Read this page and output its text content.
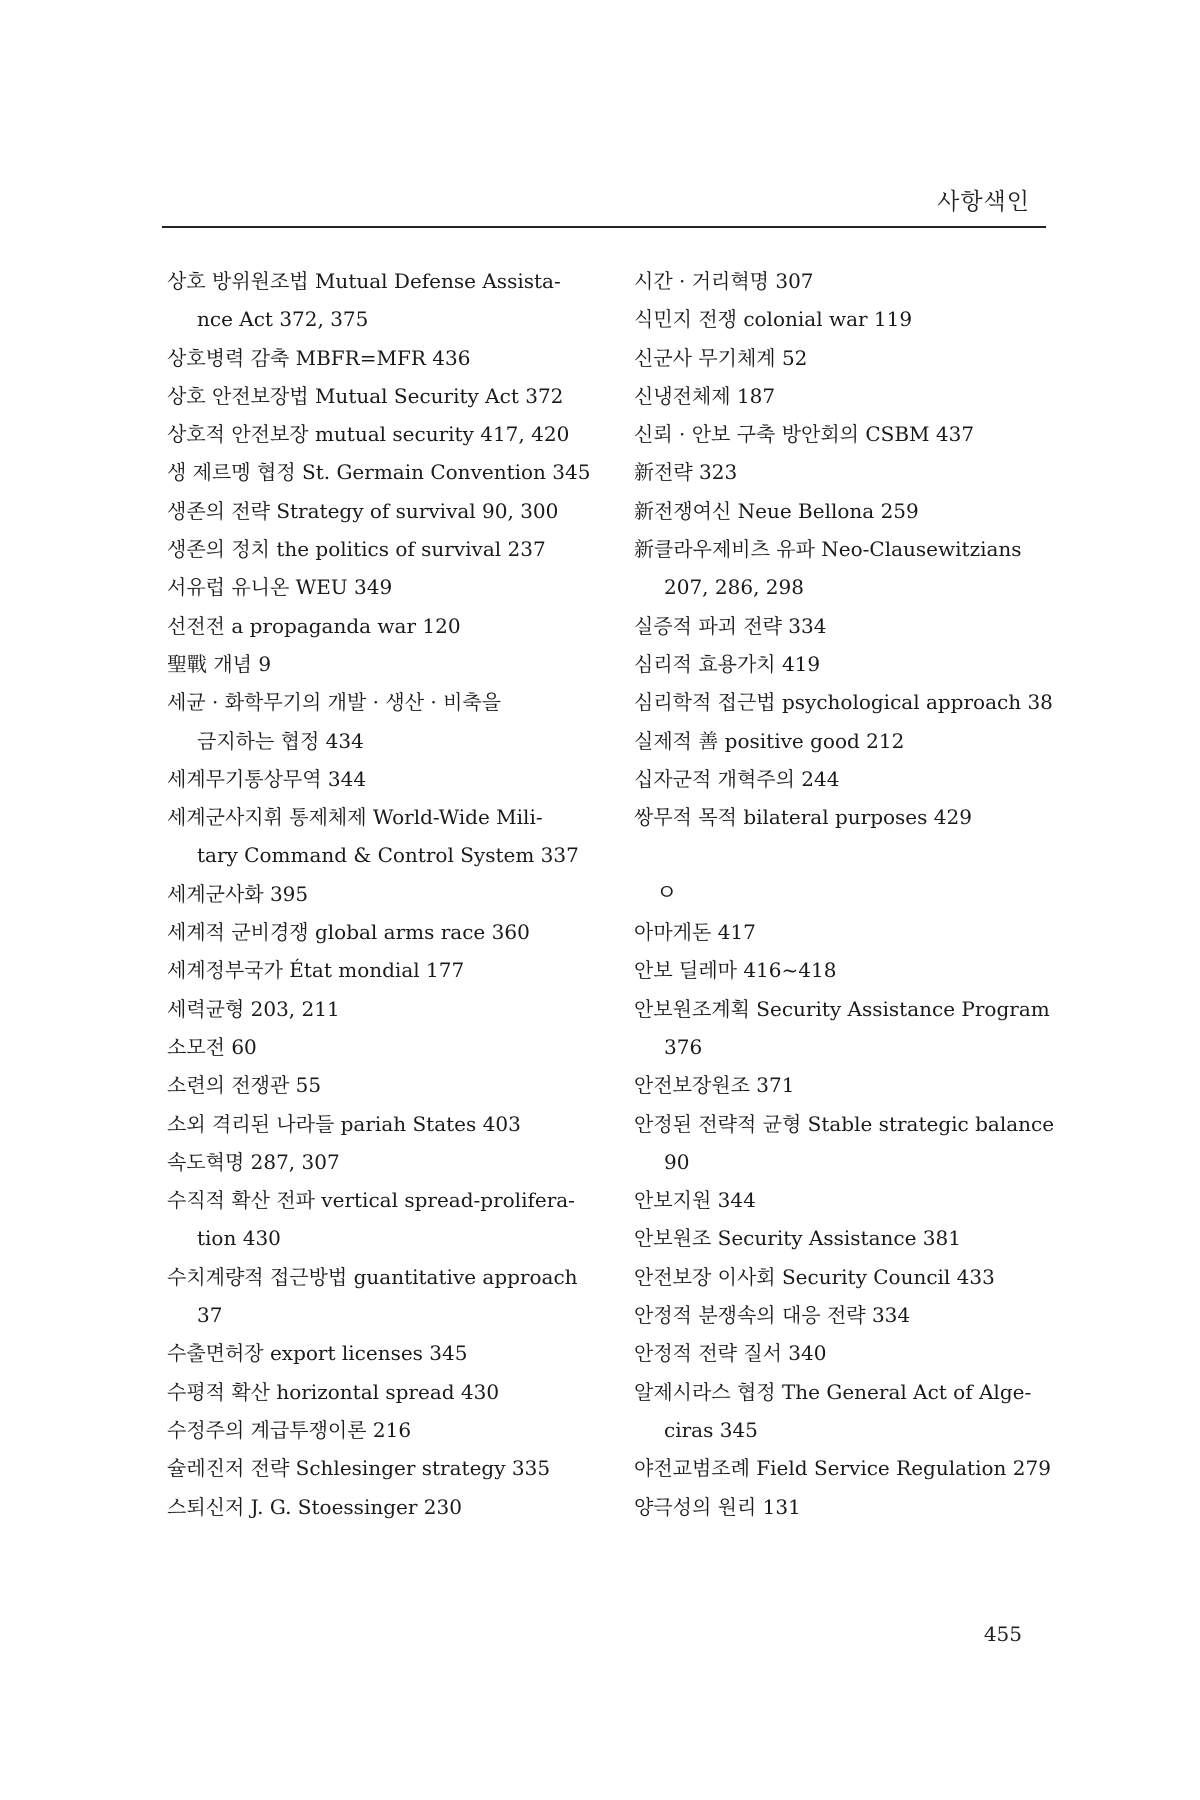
사항색인
상호 방위원조법 Mutual Defense Assista-
nce Act 372, 375
상호병력 감축 MBFR=MFR 436
상호 안전보장법 Mutual Security Act 372
상호적 안전보장 mutual security 417, 420
생 제르멩 협정 St. Germain Convention 345
생존의 전략 Strategy of survival 90, 300
생존의 정치 the politics of survival 237
서유럽 유니온 WEU 349
선전전 a propaganda war 120
聖戰 개념 9
세균 · 화학무기의 개발 · 생산 · 비축을
금지하는 협정 434
세계무기통상무역 344
세계군사지휘 통제체제 World-Wide Mili-
tary Command & Control System 337
세계군사화 395
세계적 군비경쟁 global arms race 360
세계정부국가 État mondial 177
세력균형 203, 211
소모전 60
소련의 전쟁관 55
소외 격리된 나라들 pariah States 403
속도혁명 287, 307
수직적 확산 전파 vertical spread-prolifera-
tion 430
수치계량적 접근방법 guantitative approach
37
수출면허장 export licenses 345
수평적 확산 horizontal spread 430
수정주의 계급투쟁이론 216
슐레진저 전략 Schlesinger strategy 335
스퇴신저 J. G. Stoessinger 230
시간 · 거리혁명 307
식민지 전쟁 colonial war 119
신군사 무기체계 52
신냉전체제 187
신뢰 · 안보 구축 방안회의 CSBM 437
新전략 323
新전쟁여신 Neue Bellona 259
新클라우제비츠 유파 Neo-Clausewitzians
207, 286, 298
실증적 파괴 전략 334
심리적 효용가치 419
심리학적 접근법 psychological approach 38
실제적 善 positive good 212
십자군적 개혁주의 244
쌍무적 목적 bilateral purposes 429
ㅇ
아마게돈 417
안보 딜레마 416~418
안보원조계획 Security Assistance Program
376
안전보장원조 371
안정된 전략적 균형 Stable strategic balance
90
안보지원 344
안보원조 Security Assistance 381
안전보장 이사회 Security Council 433
안정적 분쟁속의 대응 전략 334
안정적 전략 질서 340
알제시라스 협정 The General Act of Alge-
ciras 345
야전교범조례 Field Service Regulation 279
양극성의 원리 131
455
